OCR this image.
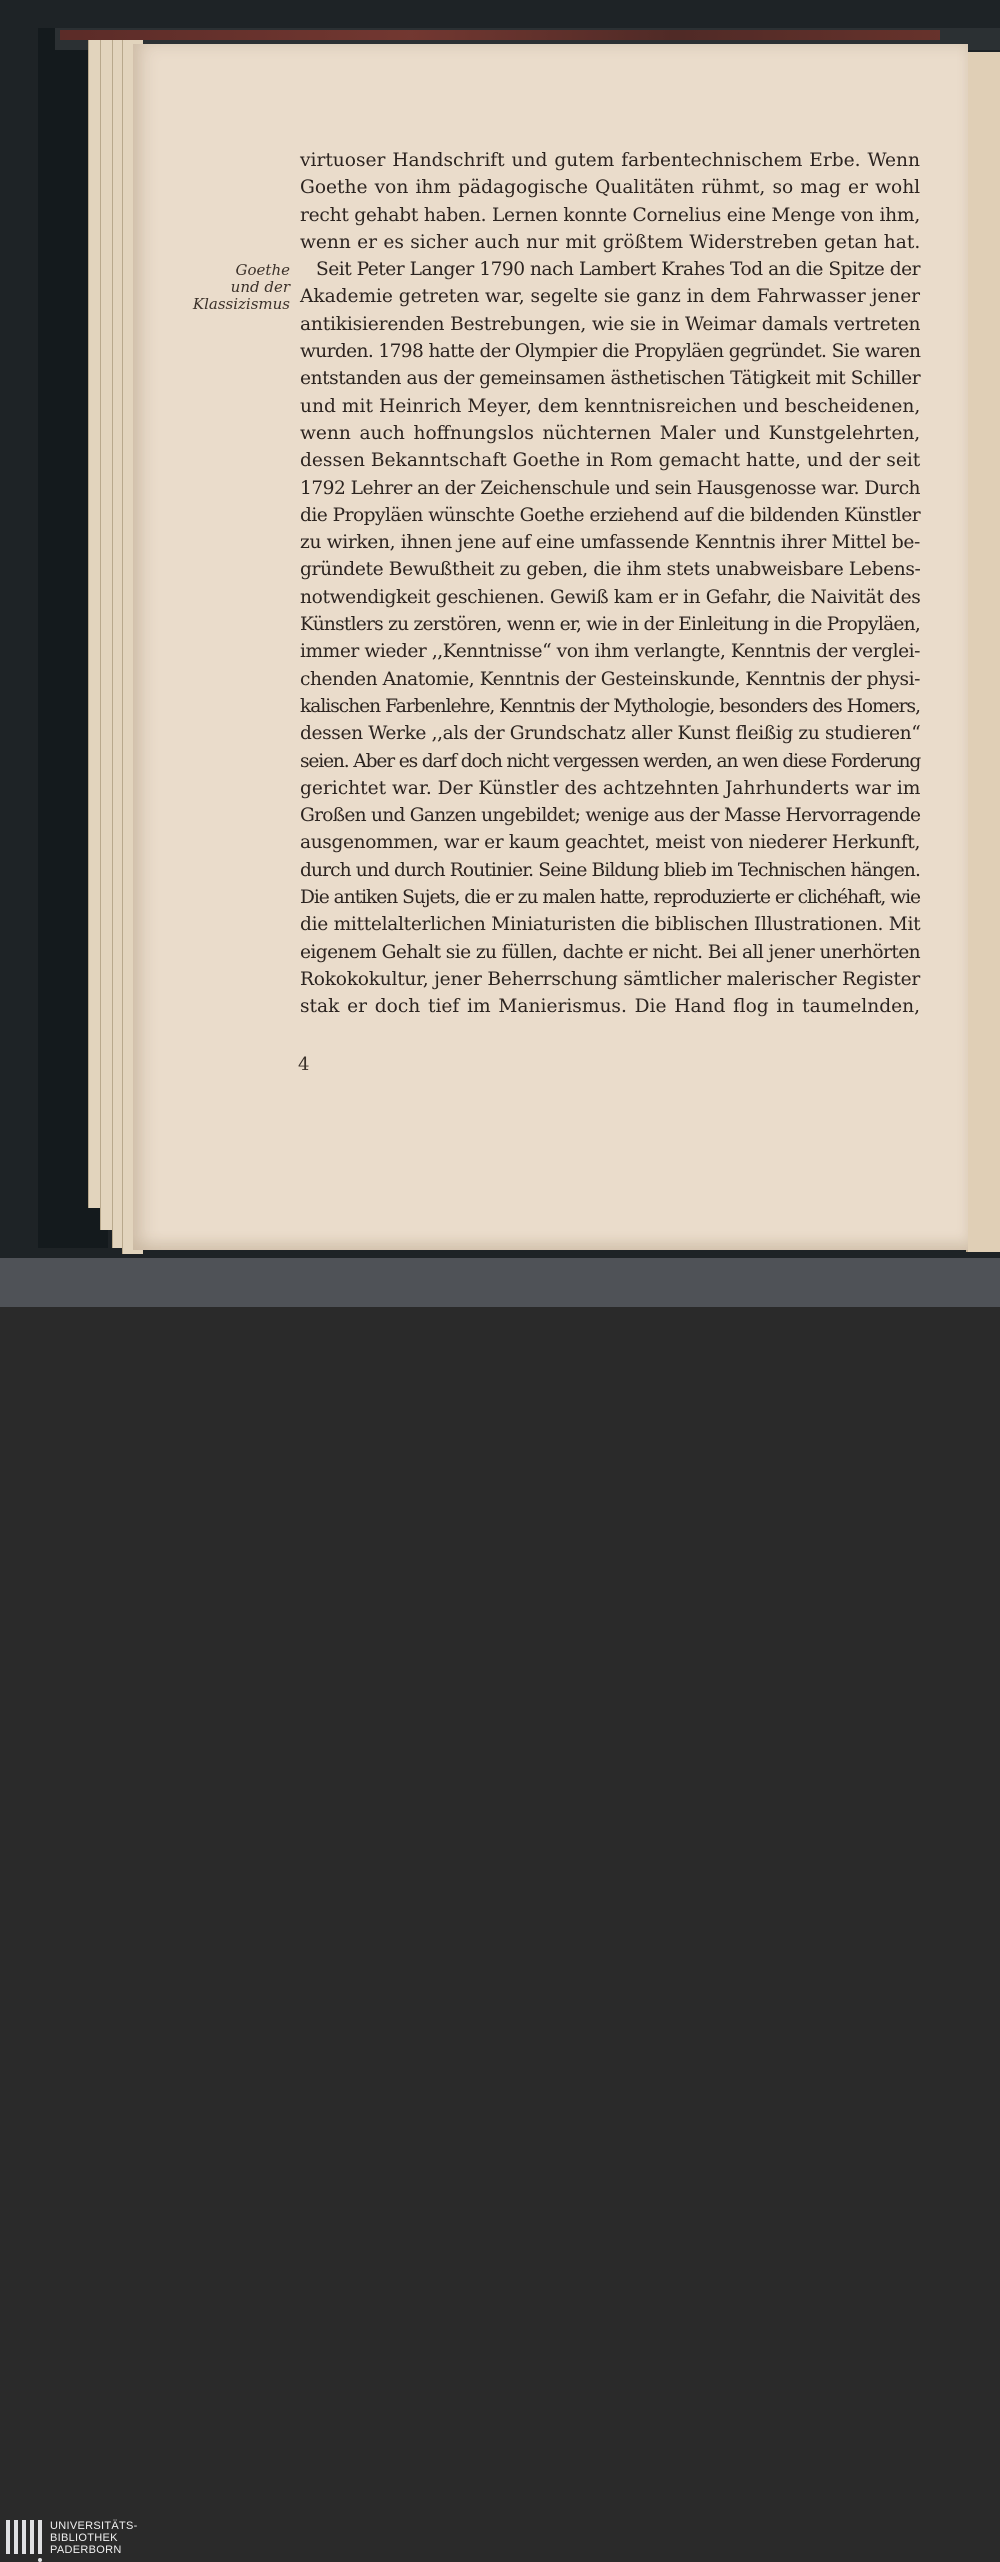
Goethe
und der
Klassizismus
virtuoser Handschrift und gutem farbentechnischem Erbe. Wenn
Goethe von ihm pädagogische Qualitäten rühmt, so mag er wohl
recht gehabt haben. Lernen konnte Cornelius eine Menge von ihm,
wenn er es sicher auch nur mit größtem Widerstreben getan hat.
Seit Peter Langer 1790 nach Lambert Krahes Tod an die Spitze der
Akademie getreten war, segelte sie ganz in dem Fahrwasser jener
antikisierenden Bestrebungen, wie sie in Weimar damals vertreten
wurden. 1798 hatte der Olympier die Propyläen gegründet. Sie waren
entstanden aus der gemeinsamen ästhetischen Tätigkeit mit Schiller
und mit Heinrich Meyer, dem kenntnisreichen und bescheidenen,
wenn auch hoffnungslos nüchternen Maler und Kunstgelehrten,
dessen Bekanntschaft Goethe in Rom gemacht hatte, und der seit
1792 Lehrer an der Zeichenschule und sein Hausgenosse war. Durch
die Propyläen wünschte Goethe erziehend auf die bildenden Künstler
zu wirken, ihnen jene auf eine umfassende Kenntnis ihrer Mittel be-
gründete Bewußtheit zu geben, die ihm stets unabweisbare Lebens-
notwendigkeit geschienen. Gewiß kam er in Gefahr, die Naivität des
Künstlers zu zerstören, wenn er, wie in der Einleitung in die Propyläen,
immer wieder ,,Kenntnisse“ von ihm verlangte, Kenntnis der verglei-
chenden Anatomie, Kenntnis der Gesteinskunde, Kenntnis der physi-
kalischen Farbenlehre, Kenntnis der Mythologie, besonders des Homers,
dessen Werke ,,als der Grundschatz aller Kunst fleißig zu studieren“
seien. Aber es darf doch nicht vergessen werden, an wen diese Forderung
gerichtet war. Der Künstler des achtzehnten Jahrhunderts war im
Großen und Ganzen ungebildet; wenige aus der Masse Hervorragende
ausgenommen, war er kaum geachtet, meist von niederer Herkunft,
durch und durch Routinier. Seine Bildung blieb im Technischen hängen.
Die antiken Sujets, die er zu malen hatte, reproduzierte er clichéhaft, wie
die mittelalterlichen Miniaturisten die biblischen Illustrationen. Mit
eigenem Gehalt sie zu füllen, dachte er nicht. Bei all jener unerhörten
Rokokokultur, jener Beherrschung sämtlicher malerischer Register
stak er doch tief im Manierismus. Die Hand flog in taumelnden,
4
UNIVERSITÄTS-
BIBLIOTHEK
PADERBORN
